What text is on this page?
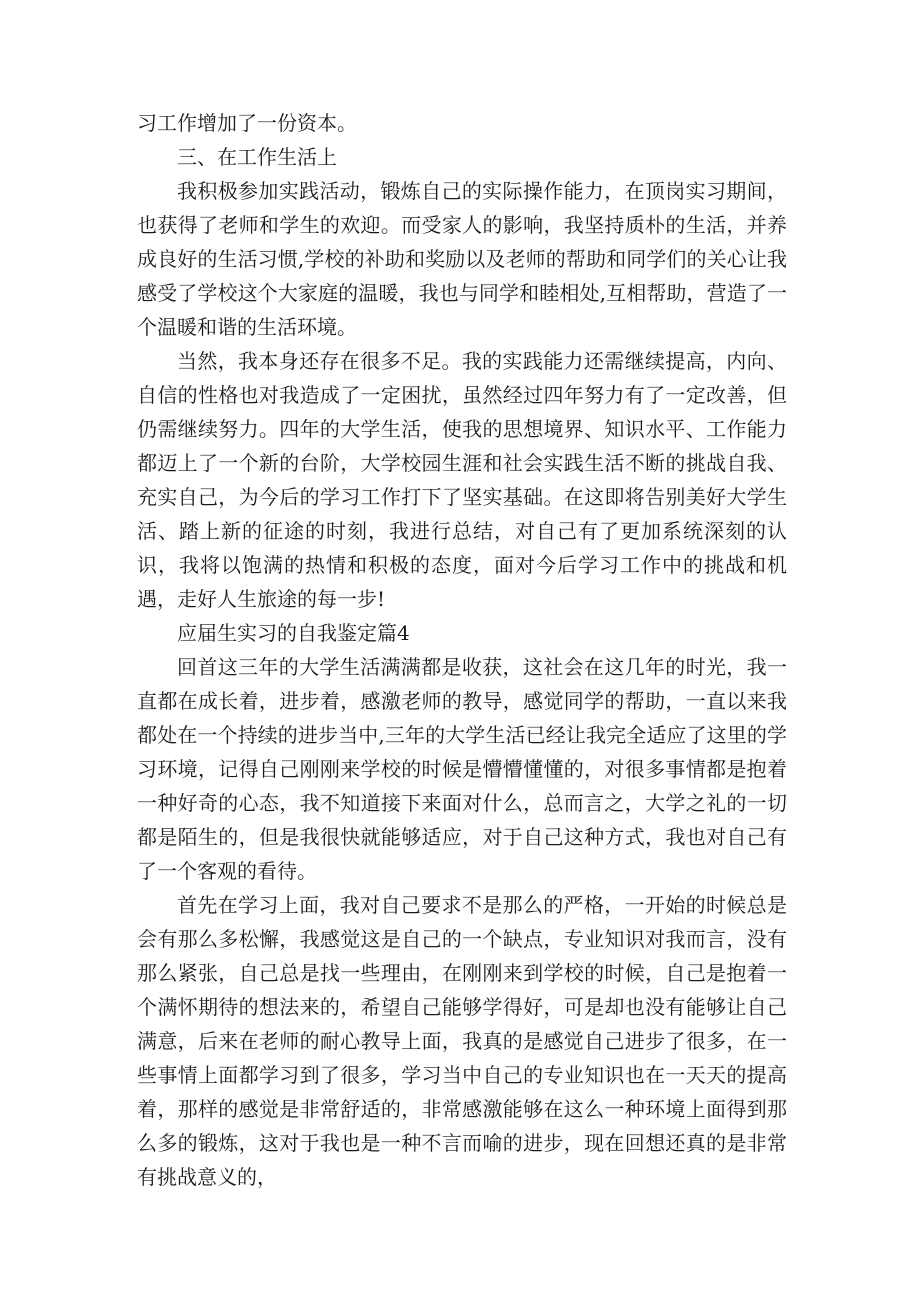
习工作增加了一份资本。

三、在工作生活上

我积极参加实践活动，锻炼自己的实际操作能力，在顶岗实习期间，也获得了老师和学生的欢迎。而受家人的影响，我坚持质朴的生活，并养成良好的生活习惯,学校的补助和奖励以及老师的帮助和同学们的关心让我感受了学校这个大家庭的温暖，我也与同学和睦相处,互相帮助，营造了一个温暖和谐的生活环境。

当然，我本身还存在很多不足。我的实践能力还需继续提高，内向、自信的性格也对我造成了一定困扰，虽然经过四年努力有了一定改善，但仍需继续努力。四年的大学生活，使我的思想境界、知识水平、工作能力都迈上了一个新的台阶，大学校园生涯和社会实践生活不断的挑战自我、充实自己，为今后的学习工作打下了坚实基础。在这即将告别美好大学生活、踏上新的征途的时刻，我进行总结，对自己有了更加系统深刻的认识，我将以饱满的热情和积极的态度，面对今后学习工作中的挑战和机遇，走好人生旅途的每一步!

应届生实习的自我鉴定篇4

回首这三年的大学生活满满都是收获，这社会在这几年的时光，我一直都在成长着，进步着，感激老师的教导，感觉同学的帮助，一直以来我都处在一个持续的进步当中,三年的大学生活已经让我完全适应了这里的学习环境，记得自己刚刚来学校的时候是懵懵懂懂的，对很多事情都是抱着一种好奇的心态，我不知道接下来面对什么，总而言之，大学之礼的一切都是陌生的，但是我很快就能够适应，对于自己这种方式，我也对自己有了一个客观的看待。

首先在学习上面，我对自己要求不是那么的严格，一开始的时候总是会有那么多松懈，我感觉这是自己的一个缺点，专业知识对我而言，没有那么紧张，自己总是找一些理由，在刚刚来到学校的时候，自己是抱着一个满怀期待的想法来的，希望自己能够学得好，可是却也没有能够让自己满意，后来在老师的耐心教导上面，我真的是感觉自己进步了很多，在一些事情上面都学习到了很多，学习当中自己的专业知识也在一天天的提高着，那样的感觉是非常舒适的，非常感激能够在这么一种环境上面得到那么多的锻炼，这对于我也是一种不言而喻的进步，现在回想还真的是非常有挑战意义的，
